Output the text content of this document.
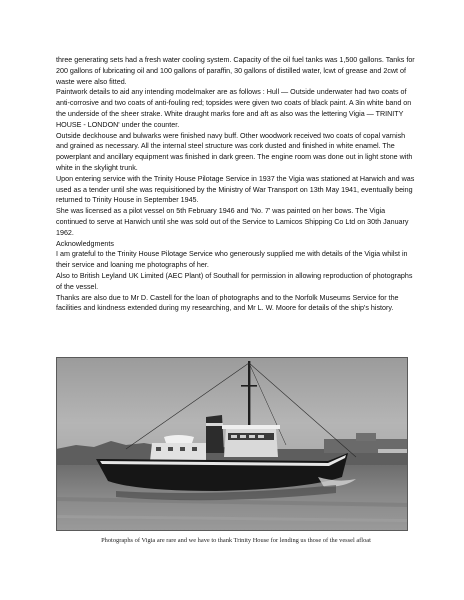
three generating sets had a fresh water cooling system. Capacity of the oil fuel tanks was 1,500 gallons. Tanks for 200 gallons of lubricating oil and 100 gallons of paraffin, 30 gallons of distilled water, lcwt of grease and 2cwt of waste were also fitted.

Paintwork details to aid any intending modelmaker are as follows : Hull — Outside underwater had two coats of anti-corrosive and two coats of anti-fouling red; topsides were given two coats of black paint. A 3in white band on the underside of the sheer strake. White draught marks fore and aft as also was the lettering Vigia — TRINITY HOUSE - LONDON' under the counter.

Outside deckhouse and bulwarks were finished navy buff. Other woodwork received two coats of copal varnish and grained as necessary. All the internal steel structure was cork dusted and finished in white enamel. The powerplant and ancillary equipment was finished in dark green. The engine room was done out in light stone with white in the skylight trunk.

Upon entering service with the Trinity House Pilotage Service in 1937 the Vigia was stationed at Harwich and was used as a tender until she was requisitioned by the Ministry of War Transport on 13th May 1941, eventually being returned to Trinity House in September 1945.

She was licensed as a pilot vessel on 5th February 1946 and 'No. 7' was painted on her bows. The Vigia continued to serve at Harwich until she was sold out of the Service to Lamicos Shipping Co Ltd on 30th January 1962.

Acknowledgments

I am grateful to the Trinity House Pilotage Service who generously supplied me with details of the Vigia whilst in their service and loaning me photographs of her.

Also to British Leyland UK Limited (AEC Plant) of Southall for permission in allowing reproduction of photographs of the vessel.

Thanks are also due to Mr D. Castell for the loan of photographs and to the Norfolk Museums Service for the facilities and kindness extended during my researching, and Mr L. W. Moore for details of the ship's history.

Photographs of Vigia are rare and we have to thank Trinity House for lending us those of the vessel afloat
